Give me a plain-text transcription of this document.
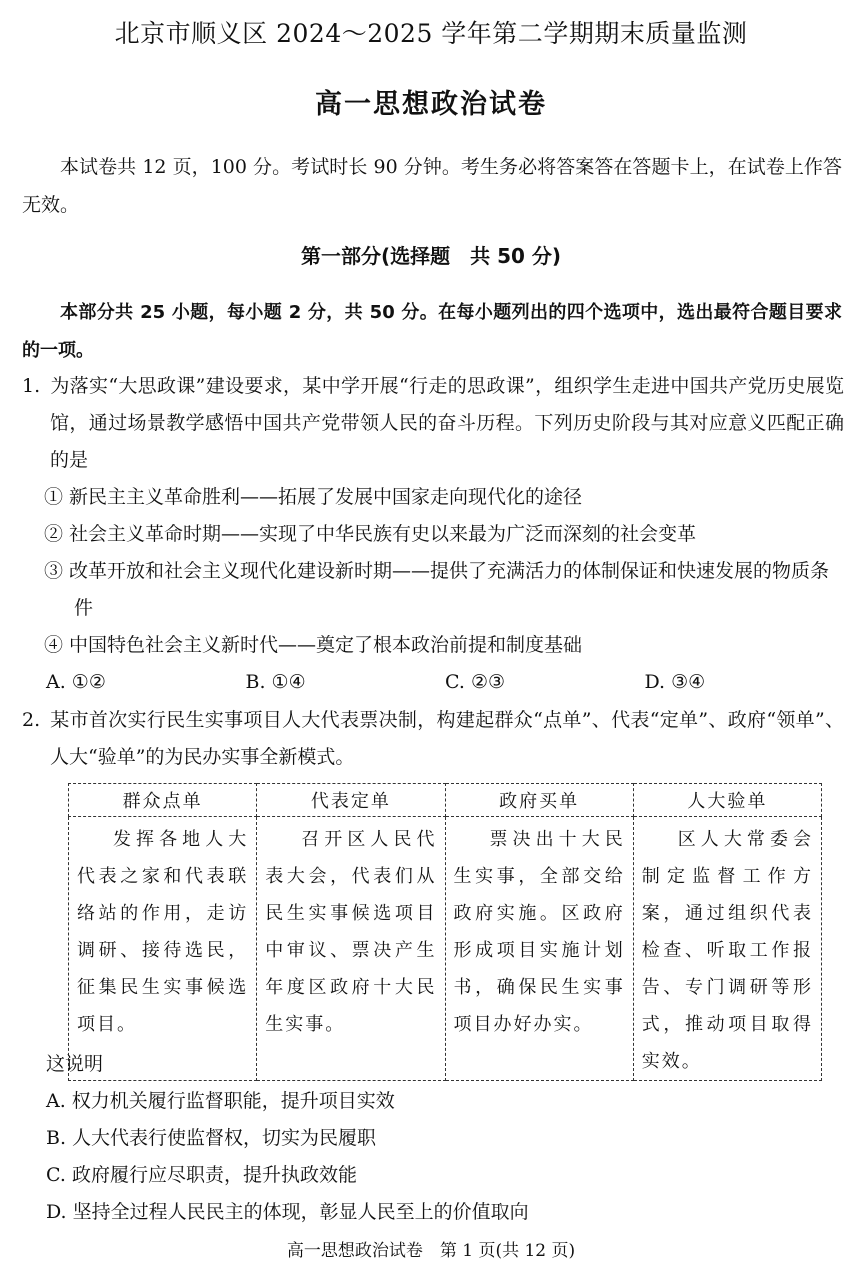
北京市顺义区 2024～2025 学年第二学期期末质量监测
高一思想政治试卷
本试卷共 12 页，100 分。考试时长 90 分钟。考生务必将答案答在答题卡上，在试卷上作答无效。
第一部分(选择题　共 50 分)
本部分共 25 小题，每小题 2 分，共 50 分。在每小题列出的四个选项中，选出最符合题目要求的一项。
1. 为落实“大思政课”建设要求，某中学开展“行走的思政课”，组织学生走进中国共产党历史展览馆，通过场景教学感悟中国共产党带领人民的奋斗历程。下列历史阶段与其对应意义匹配正确的是
① 新民主主义革命胜利——拓展了发展中国家走向现代化的途径
② 社会主义革命时期——实现了中华民族有史以来最为广泛而深刻的社会变革
③ 改革开放和社会主义现代化建设新时期——提供了充满活力的体制保证和快速发展的物质条件
④ 中国特色社会主义新时代——奠定了根本政治前提和制度基础
A. ①②	B. ①④	C. ②③	D. ③④
2. 某市首次实行民生实事项目人大代表票决制，构建起群众“点单”、代表“定单”、政府“领单”、人大“验单”的为民办实事全新模式。
群众点单	代表定单	政府买单	人大验单
发挥各地人大代表之家和代表联络站的作用，走访调研、接待选民，征集民生实事候选项目。	召开区人民代表大会，代表们从民生实事候选项目中审议、票决产生年度区政府十大民生实事。	票决出十大民生实事，全部交给政府实施。区政府形成项目实施计划书，确保民生实事项目办好办实。	区人大常委会制定监督工作方案，通过组织代表检查、听取工作报告、专门调研等形式，推动项目取得实效。
这说明
A. 权力机关履行监督职能，提升项目实效
B. 人大代表行使监督权，切实为民履职
C. 政府履行应尽职责，提升执政效能
D. 坚持全过程人民民主的体现，彰显人民至上的价值取向
高一思想政治试卷　第 1 页(共 12 页)
